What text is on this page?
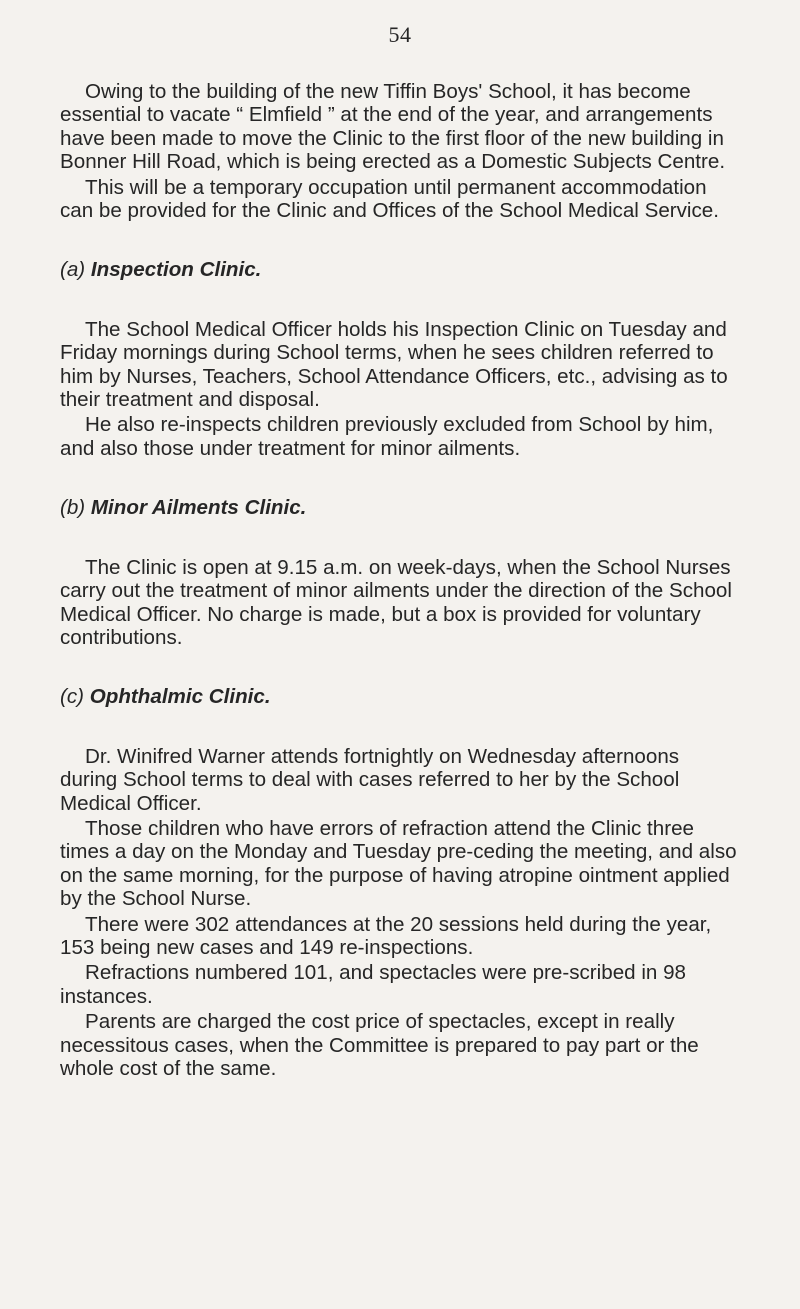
54

Owing to the building of the new Tiffin Boys' School, it has become essential to vacate “ Elmfield ” at the end of the year, and arrangements have been made to move the Clinic to the first floor of the new building in Bonner Hill Road, which is being erected as a Domestic Subjects Centre.

This will be a temporary occupation until permanent accommodation can be provided for the Clinic and Offices of the School Medical Service.

(a) Inspection Clinic.

The School Medical Officer holds his Inspection Clinic on Tuesday and Friday mornings during School terms, when he sees children referred to him by Nurses, Teachers, School Attendance Officers, etc., advising as to their treatment and disposal.

He also re-inspects children previously excluded from School by him, and also those under treatment for minor ailments.

(b) Minor Ailments Clinic.

The Clinic is open at 9.15 a.m. on week-days, when the School Nurses carry out the treatment of minor ailments under the direction of the School Medical Officer. No charge is made, but a box is provided for voluntary contributions.

(c) Ophthalmic Clinic.

Dr. Winifred Warner attends fortnightly on Wednesday afternoons during School terms to deal with cases referred to her by the School Medical Officer.

Those children who have errors of refraction attend the Clinic three times a day on the Monday and Tuesday pre-ceding the meeting, and also on the same morning, for the purpose of having atropine ointment applied by the School Nurse.

There were 302 attendances at the 20 sessions held during the year, 153 being new cases and 149 re-inspections.

Refractions numbered 101, and spectacles were pre-scribed in 98 instances.

Parents are charged the cost price of spectacles, except in really necessitous cases, when the Committee is prepared to pay part or the whole cost of the same.
